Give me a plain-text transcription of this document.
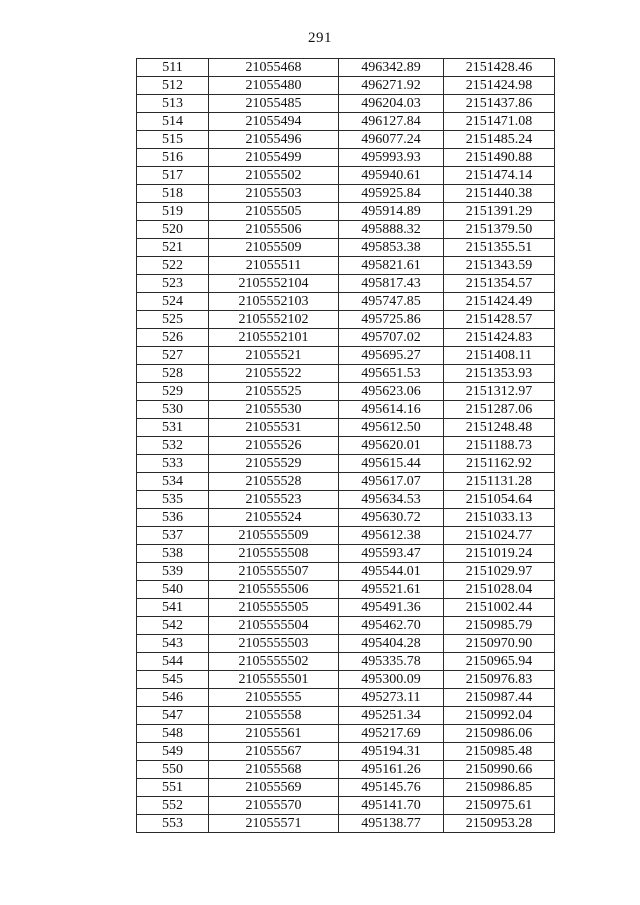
291
511	21055468	496342.89	2151428.46
512	21055480	496271.92	2151424.98
513	21055485	496204.03	2151437.86
514	21055494	496127.84	2151471.08
515	21055496	496077.24	2151485.24
516	21055499	495993.93	2151490.88
517	21055502	495940.61	2151474.14
518	21055503	495925.84	2151440.38
519	21055505	495914.89	2151391.29
520	21055506	495888.32	2151379.50
521	21055509	495853.38	2151355.51
522	21055511	495821.61	2151343.59
523	2105552104	495817.43	2151354.57
524	2105552103	495747.85	2151424.49
525	2105552102	495725.86	2151428.57
526	2105552101	495707.02	2151424.83
527	21055521	495695.27	2151408.11
528	21055522	495651.53	2151353.93
529	21055525	495623.06	2151312.97
530	21055530	495614.16	2151287.06
531	21055531	495612.50	2151248.48
532	21055526	495620.01	2151188.73
533	21055529	495615.44	2151162.92
534	21055528	495617.07	2151131.28
535	21055523	495634.53	2151054.64
536	21055524	495630.72	2151033.13
537	2105555509	495612.38	2151024.77
538	2105555508	495593.47	2151019.24
539	2105555507	495544.01	2151029.97
540	2105555506	495521.61	2151028.04
541	2105555505	495491.36	2151002.44
542	2105555504	495462.70	2150985.79
543	2105555503	495404.28	2150970.90
544	2105555502	495335.78	2150965.94
545	2105555501	495300.09	2150976.83
546	21055555	495273.11	2150987.44
547	21055558	495251.34	2150992.04
548	21055561	495217.69	2150986.06
549	21055567	495194.31	2150985.48
550	21055568	495161.26	2150990.66
551	21055569	495145.76	2150986.85
552	21055570	495141.70	2150975.61
553	21055571	495138.77	2150953.28
